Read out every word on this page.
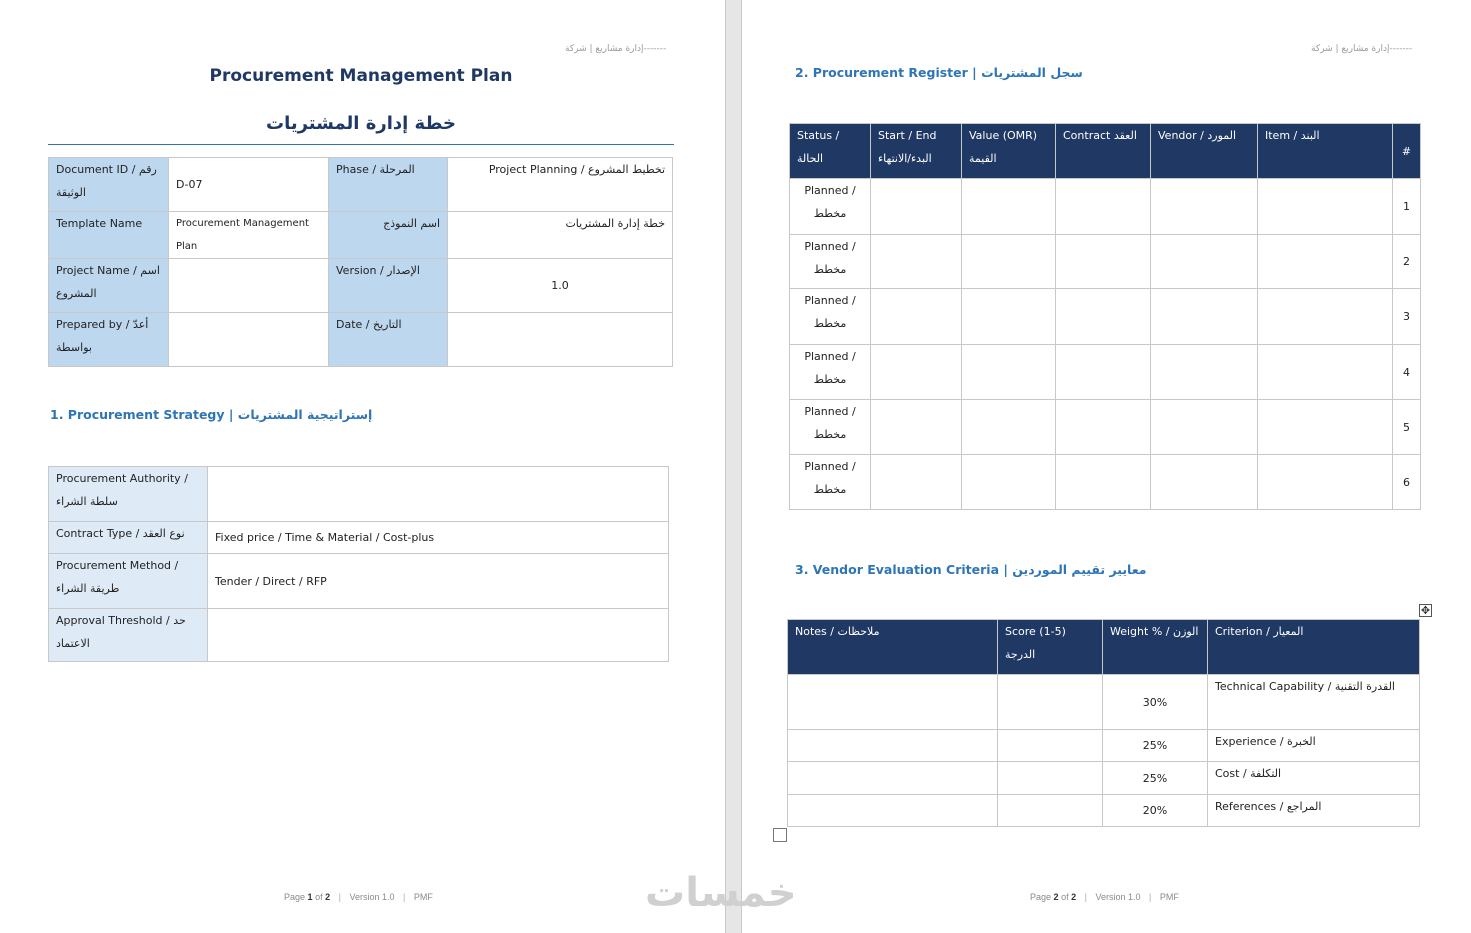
إدارة مشاريع | شركة-------
Procurement Management Plan
خطة إدارة المشتريات
Document ID / رقم الوثيقة	D-07	Phase / المرحلة	Project Planning / تخطيط المشروع
Template Name	Procurement Management Plan	اسم النموذج	خطة إدارة المشتريات
Project Name / اسم المشروع		Version / الإصدار	1.0
Prepared by / أعدّ بواسطة		Date / التاريخ	
1. Procurement Strategy | إستراتيجية المشتريات
Procurement Authority / سلطة الشراء	
Contract Type / نوع العقد	Fixed price / Time & Material / Cost-plus
Procurement Method / طريقة الشراء	Tender / Direct / RFP
Approval Threshold / حد الاعتماد	
Page 1 of 2 | Version 1.0 | PMF
إدارة مشاريع | شركة-------
2. Procurement Register | سجل المشتريات
Status / الحالة	Start / End البدء/الانتهاء	Value (OMR) القيمة	Contract العقد	Vendor / المورد	Item / البند	#
Planned / مخطط						1
Planned / مخطط						2
Planned / مخطط						3
Planned / مخطط						4
Planned / مخطط						5
Planned / مخطط						6
3. Vendor Evaluation Criteria | معايير تقييم الموردين
Notes / ملاحظات	Score (1-5) الدرجة	Weight % / الوزن	Criterion / المعيار
		30%	Technical Capability / القدرة التقنية
		25%	Experience / الخبرة
		25%	Cost / التكلفة
		20%	References / المراجع
Page 2 of 2 | Version 1.0 | PMF
✥
خمسات
